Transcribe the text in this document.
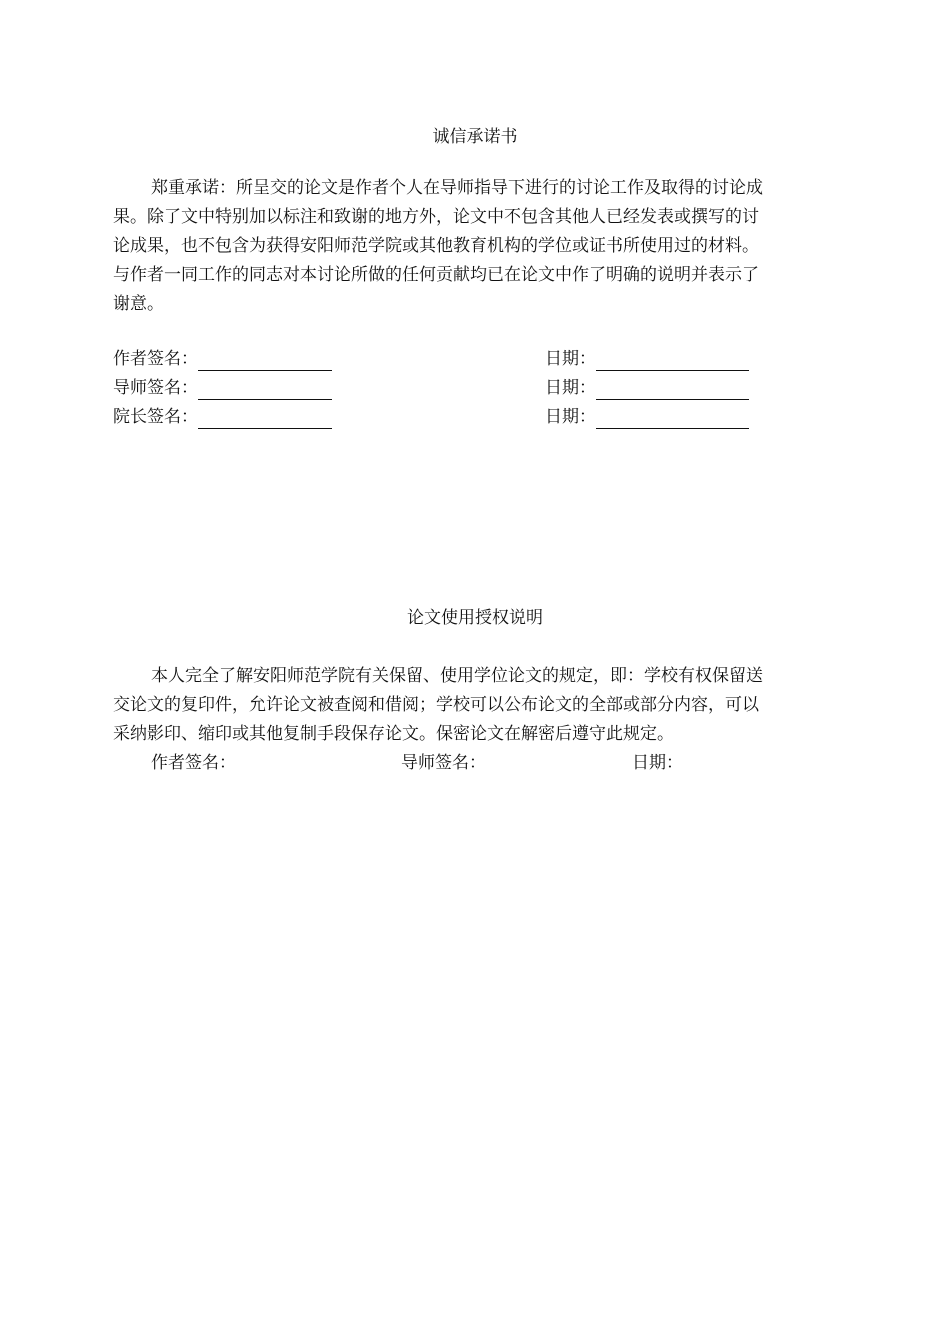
诚信承诺书
郑重承诺：所呈交的论文是作者个人在导师指导下进行的讨论工作及取得的讨论成
果。除了文中特别加以标注和致谢的地方外，论文中不包含其他人已经发表或撰写的讨
论成果，也不包含为获得安阳师范学院或其他教育机构的学位或证书所使用过的材料。
与作者一同工作的同志对本讨论所做的任何贡献均已在论文中作了明确的说明并表示了
谢意。
作者签名：	日期：
导师签名：	日期：
院长签名：	日期：
论文使用授权说明
本人完全了解安阳师范学院有关保留、使用学位论文的规定，即：学校有权保留送
交论文的复印件，允许论文被查阅和借阅；学校可以公布论文的全部或部分内容，可以
采纳影印、缩印或其他复制手段保存论文。保密论文在解密后遵守此规定。
作者签名：	导师签名：	日期：
